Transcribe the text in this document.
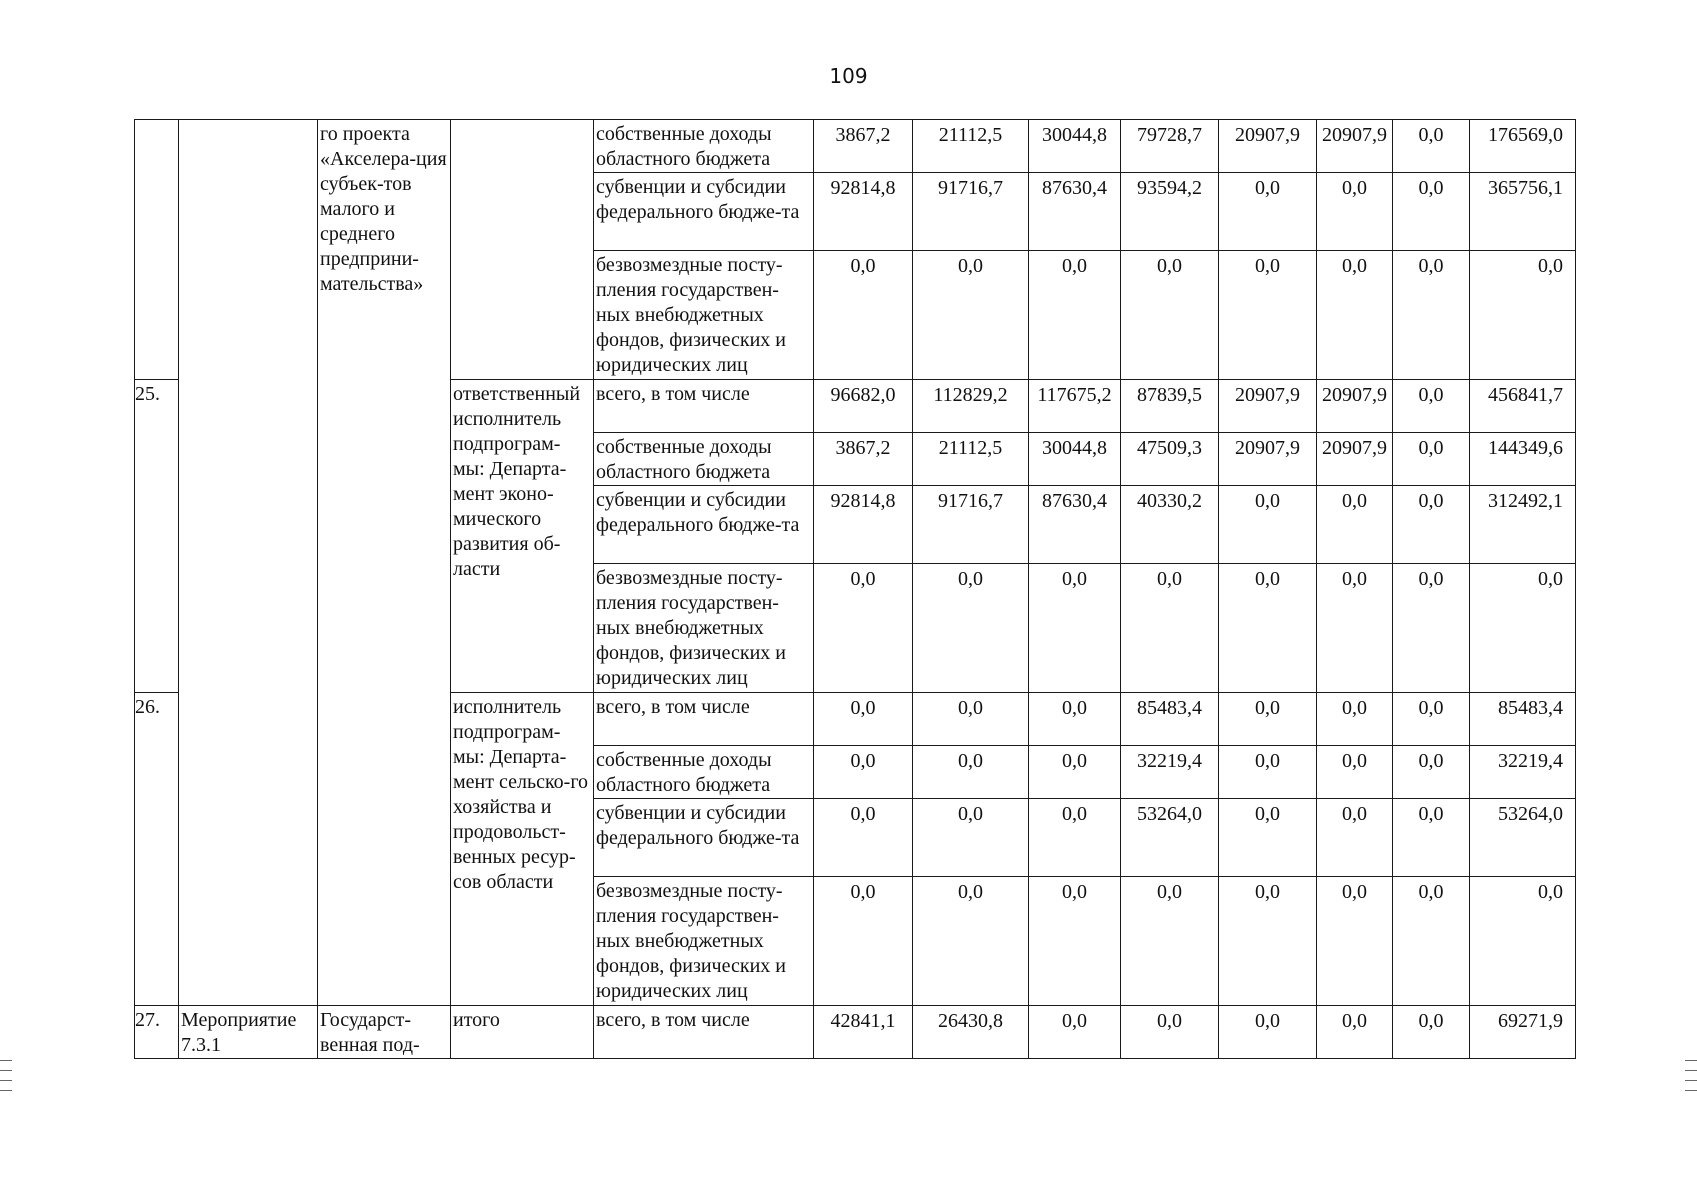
109
		го проекта «Акселера-ция субъек-тов малого и среднего предприни-мательства»		собственные доходы областного бюджета	3867,2	21112,5	30044,8	79728,7	20907,9	20907,9	0,0	176569,0
				субвенции и субсидии федерального бюдже-та	92814,8	91716,7	87630,4	93594,2	0,0	0,0	0,0	365756,1
				безвозмездные посту-пления государствен-ных внебюджетных фондов, физических и юридических лиц	0,0	0,0	0,0	0,0	0,0	0,0	0,0	0,0
25.			ответственный исполнитель подпрограм-мы: Департа-мент эконо-мического развития об-ласти	всего, в том числе	96682,0	112829,2	117675,2	87839,5	20907,9	20907,9	0,0	456841,7
				собственные доходы областного бюджета	3867,2	21112,5	30044,8	47509,3	20907,9	20907,9	0,0	144349,6
				субвенции и субсидии федерального бюдже-та	92814,8	91716,7	87630,4	40330,2	0,0	0,0	0,0	312492,1
				безвозмездные посту-пления государствен-ных внебюджетных фондов, физических и юридических лиц	0,0	0,0	0,0	0,0	0,0	0,0	0,0	0,0
26.			исполнитель подпрограм-мы: Департа-мент сельско-го хозяйства и продовольст-венных ресур-сов области	всего, в том числе	0,0	0,0	0,0	85483,4	0,0	0,0	0,0	85483,4
				собственные доходы областного бюджета	0,0	0,0	0,0	32219,4	0,0	0,0	0,0	32219,4
				субвенции и субсидии федерального бюдже-та	0,0	0,0	0,0	53264,0	0,0	0,0	0,0	53264,0
				безвозмездные посту-пления государствен-ных внебюджетных фондов, физических и юридических лиц	0,0	0,0	0,0	0,0	0,0	0,0	0,0	0,0
27.	Мероприятие 7.3.1	Государст-венная под-	итого	всего, в том числе	42841,1	26430,8	0,0	0,0	0,0	0,0	0,0	69271,9
